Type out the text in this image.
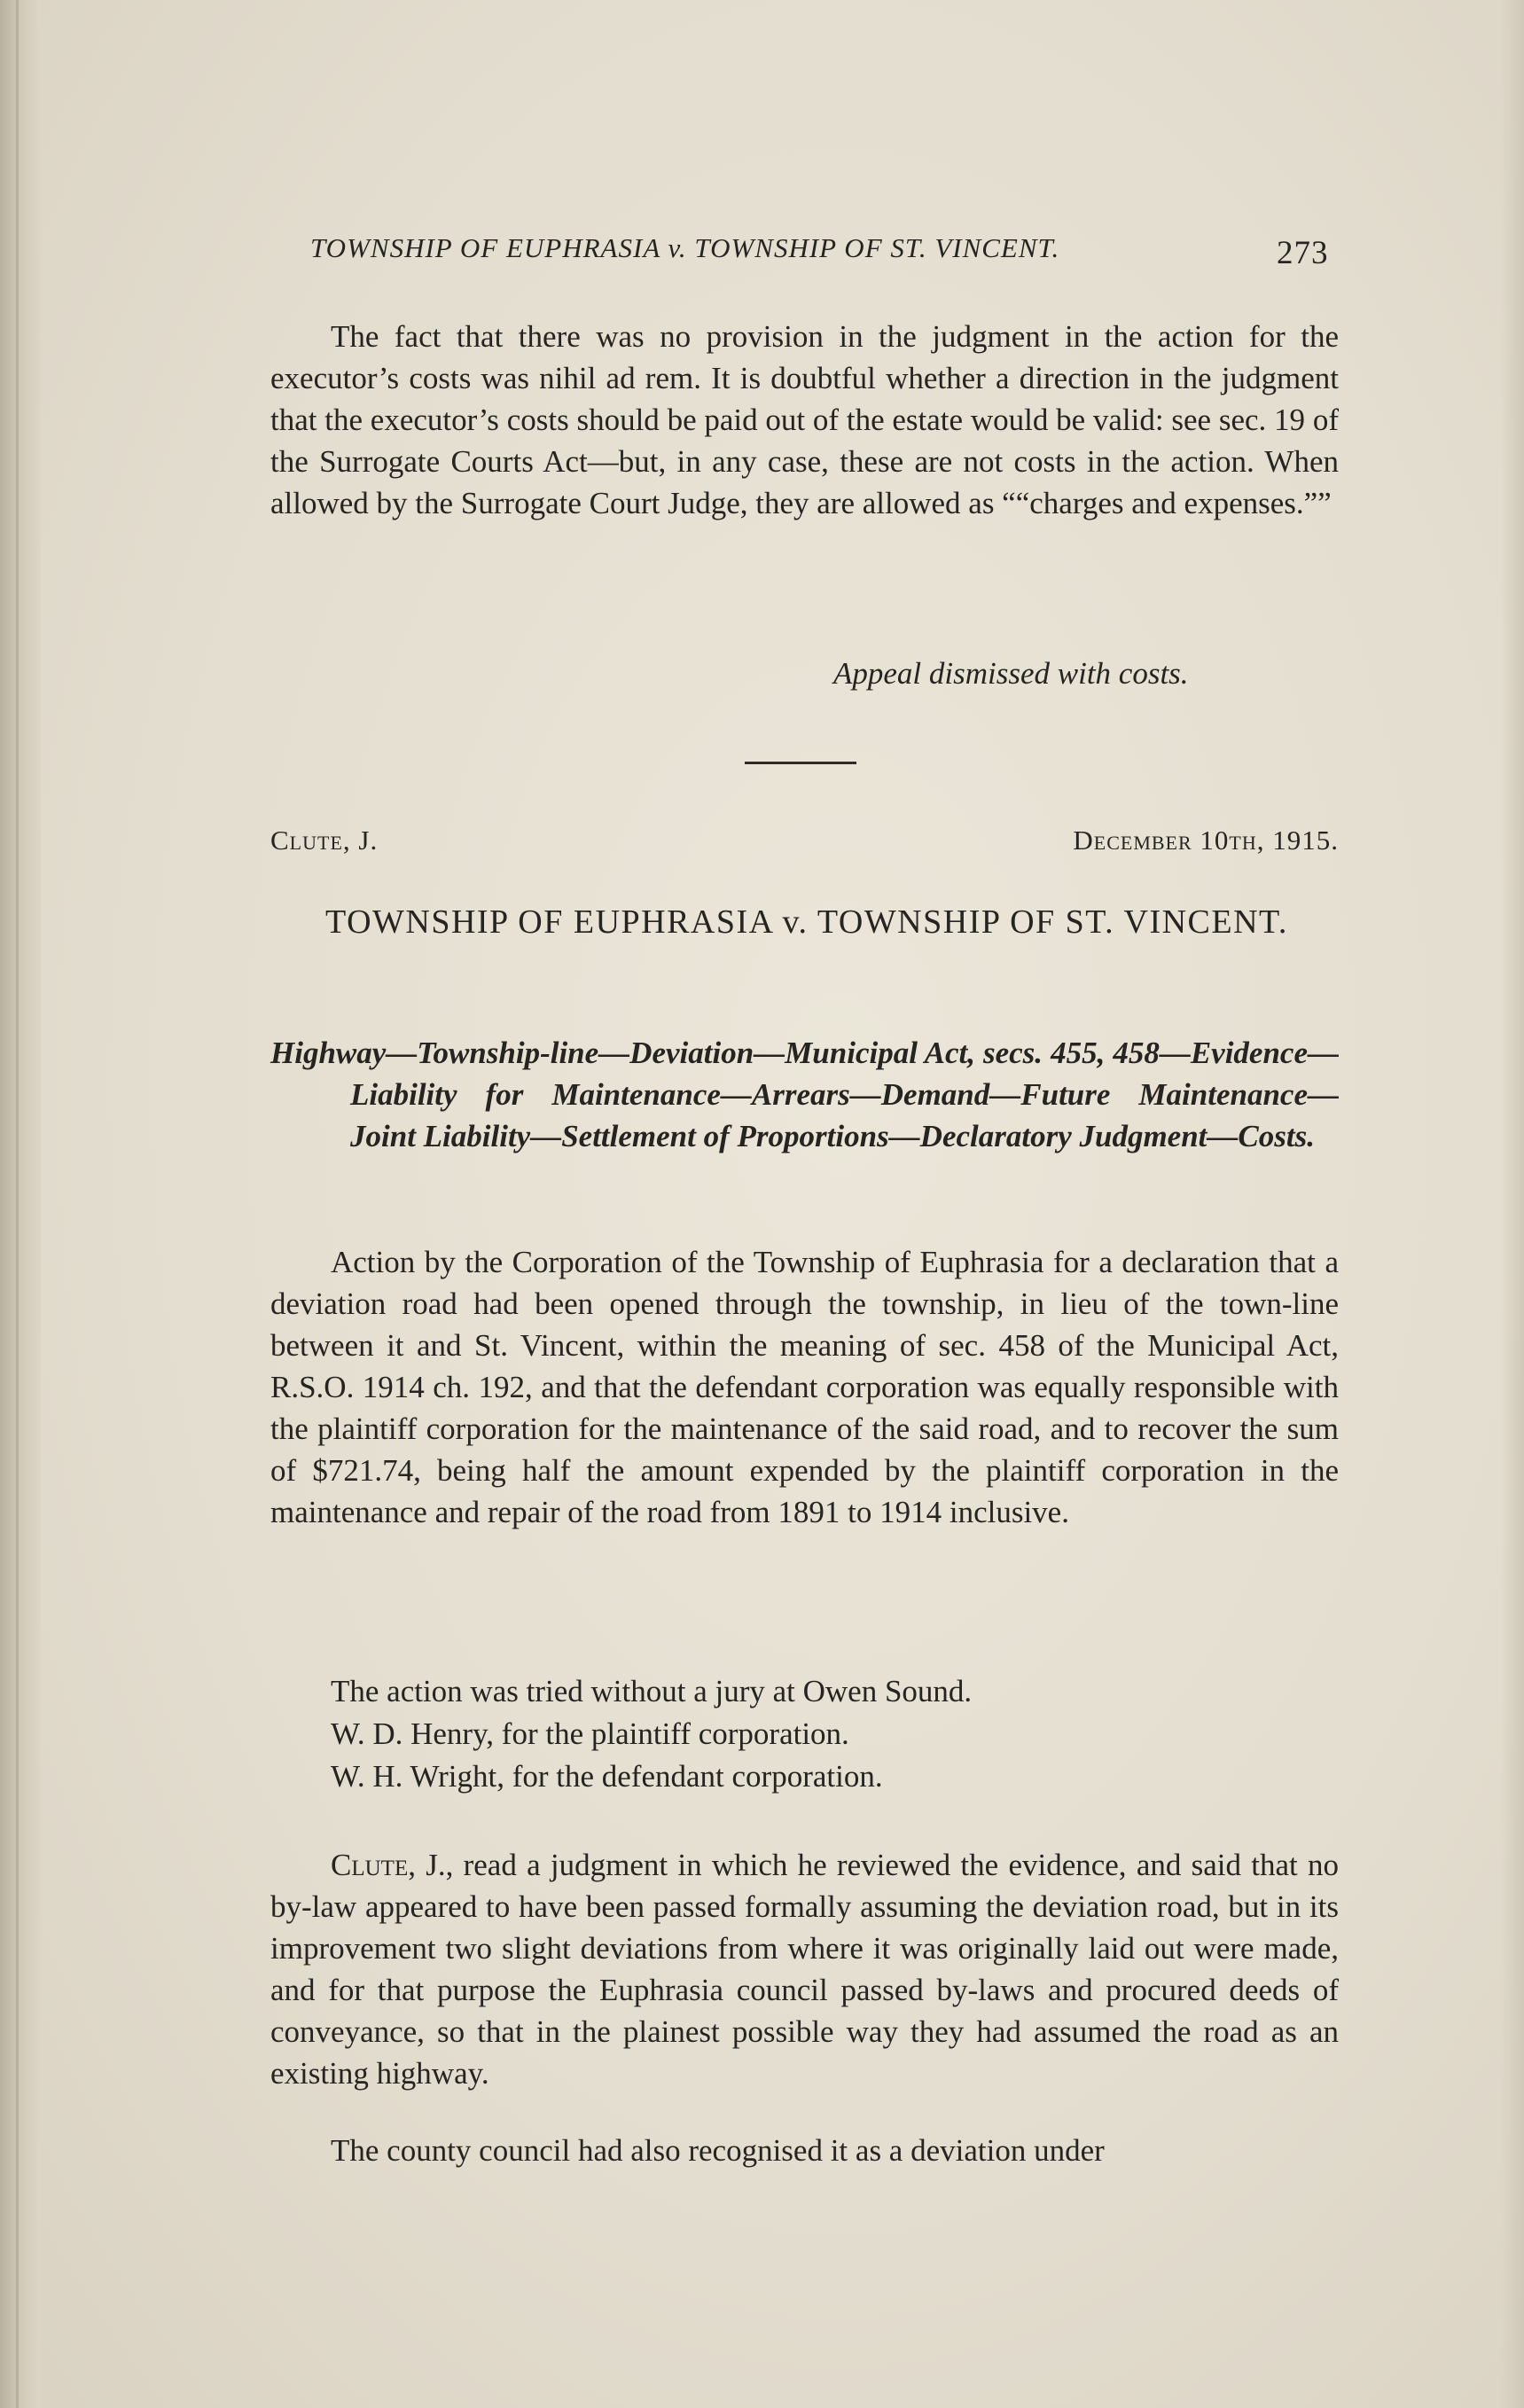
TOWNSHIP OF EUPHRASIA v. TOWNSHIP OF ST. VINCENT.	273
The fact that there was no provision in the judgment in the action for the executor’s costs was nihil ad rem. It is doubtful whether a direction in the judgment that the executor’s costs should be paid out of the estate would be valid: see sec. 19 of the Surrogate Courts Act—but, in any case, these are not costs in the action. When allowed by the Surrogate Court Judge, they are allowed as ““charges and expenses.””
Appeal dismissed with costs.
Clute, J.	December 10th, 1915.
TOWNSHIP OF EUPHRASIA v. TOWNSHIP OF ST. VINCENT.
Highway—Township-line—Deviation—Municipal Act, secs. 455, 458—Evidence—Liability for Maintenance—Arrears—Demand—Future Maintenance—Joint Liability—Settlement of Proportions—Declaratory Judgment—Costs.
Action by the Corporation of the Township of Euphrasia for a declaration that a deviation road had been opened through the township, in lieu of the town-line between it and St. Vincent, within the meaning of sec. 458 of the Municipal Act, R.S.O. 1914 ch. 192, and that the defendant corporation was equally responsible with the plaintiff corporation for the maintenance of the said road, and to recover the sum of $721.74, being half the amount expended by the plaintiff corporation in the maintenance and repair of the road from 1891 to 1914 inclusive.
The action was tried without a jury at Owen Sound.
W. D. Henry, for the plaintiff corporation.
W. H. Wright, for the defendant corporation.
Clute, J., read a judgment in which he reviewed the evidence, and said that no by-law appeared to have been passed formally assuming the deviation road, but in its improvement two slight deviations from where it was originally laid out were made, and for that purpose the Euphrasia council passed by-laws and procured deeds of conveyance, so that in the plainest possible way they had assumed the road as an existing highway.
The county council had also recognised it as a deviation under
